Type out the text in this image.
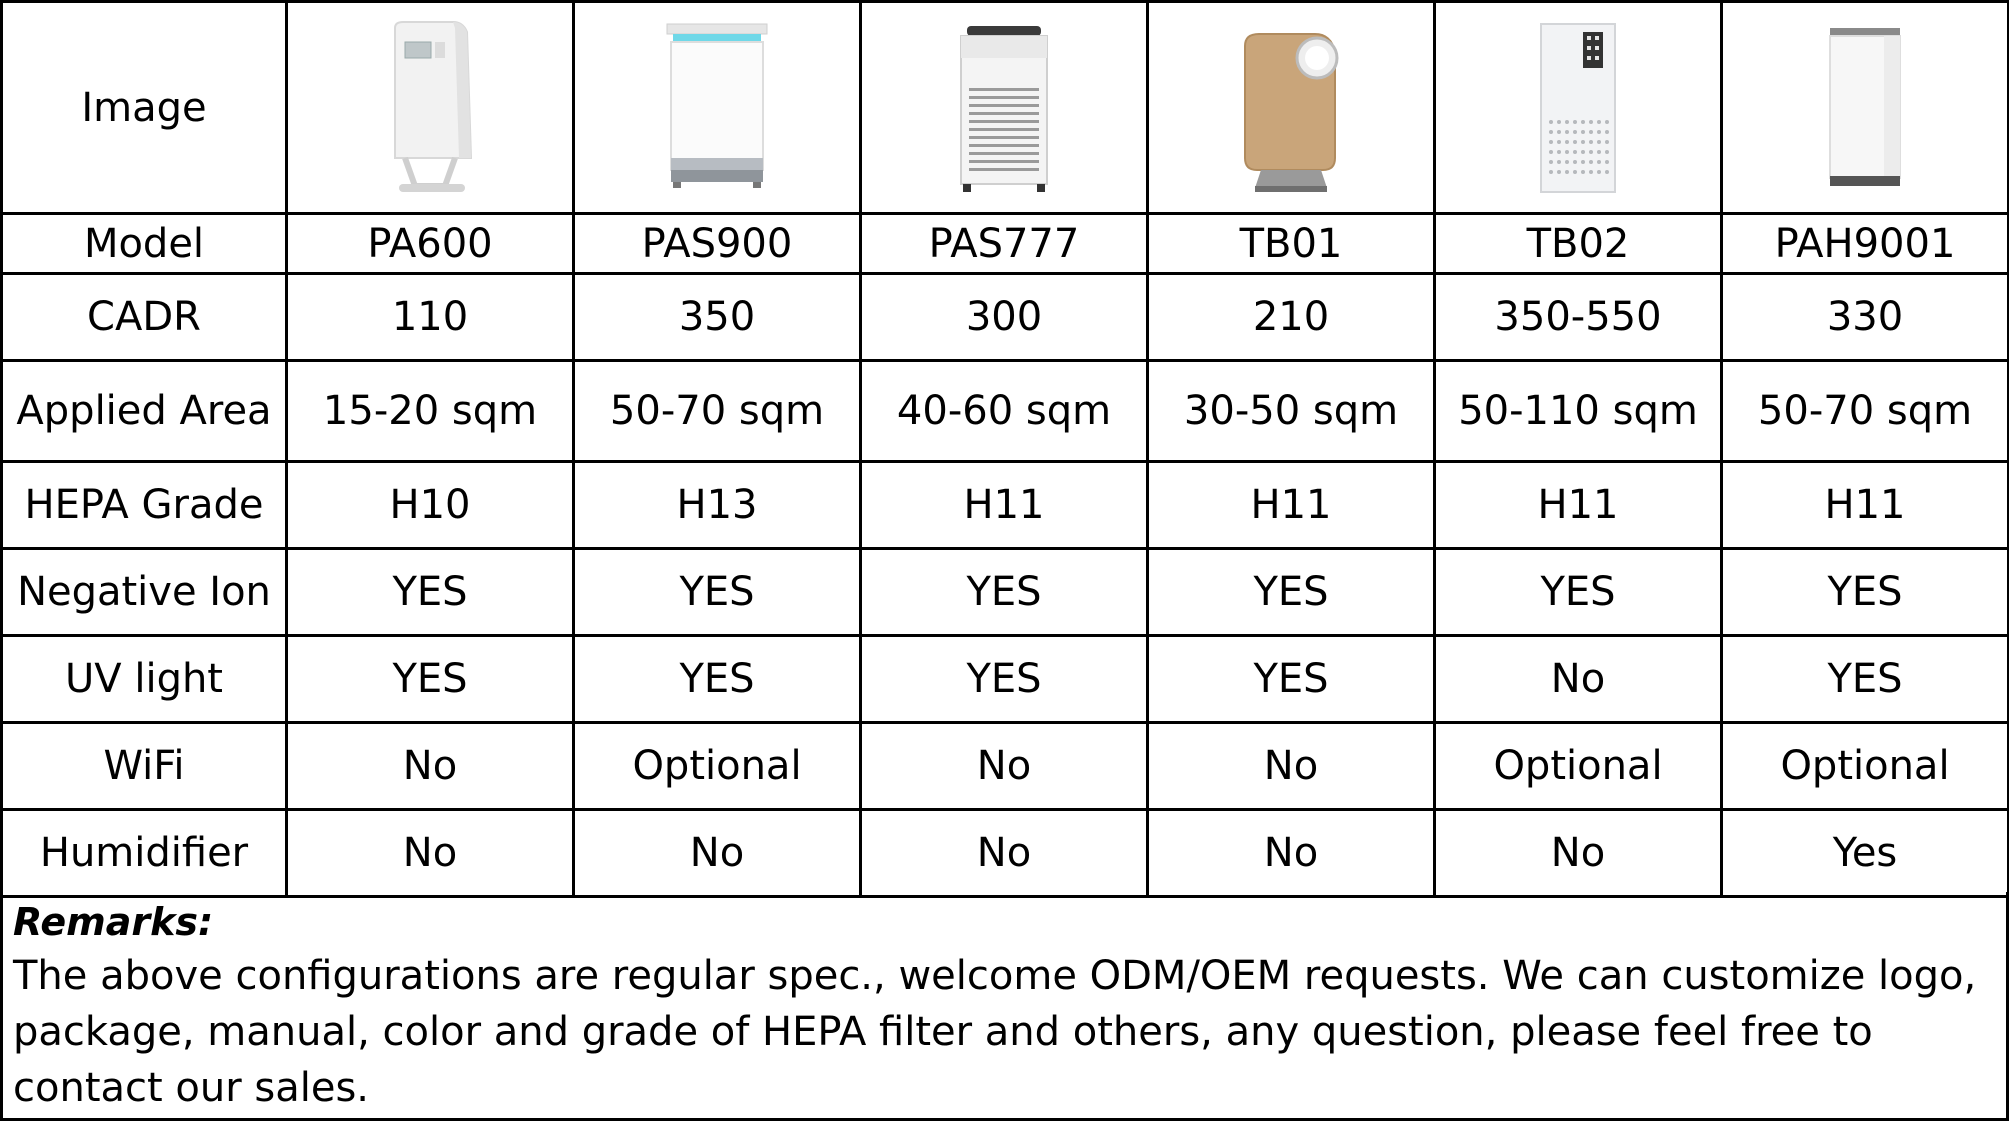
Image	

Model	PA600	PAS900	PAS777	TB01	TB02	PAH9001
CADR	110	350	300	210	350-550	330
Applied Area	15-20 sqm	50-70 sqm	40-60 sqm	30-50 sqm	50-110 sqm	50-70 sqm
HEPA Grade	H10	H13	H11	H11	H11	H11
Negative Ion	YES	YES	YES	YES	YES	YES
UV light	YES	YES	YES	YES	No	YES
WiFi	No	Optional	No	No	Optional	Optional
Humidifier	No	No	No	No	No	Yes
Remarks:
The above configurations are regular spec., welcome ODM/OEM requests. We can customize logo, package, manual, color and grade of HEPA filter and others, any question, please feel free to contact our sales.
